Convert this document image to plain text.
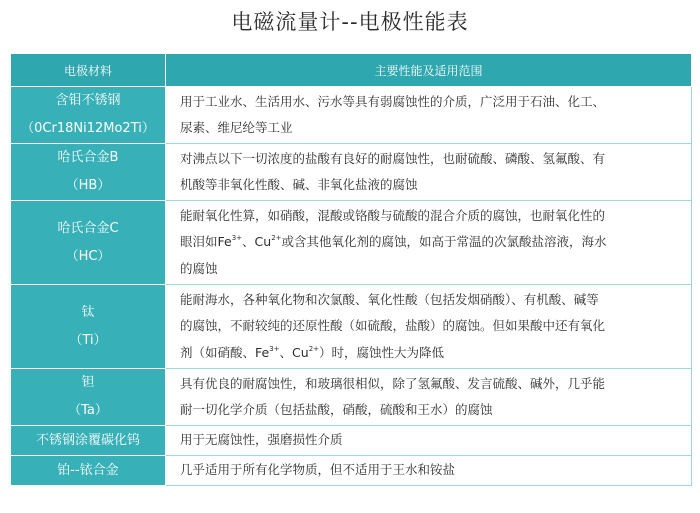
电磁流量计--电极性能表
电极材料	主要性能及适用范围

含钼不锈钢
（0Cr18Ni12Mo2Ti）	用于工业水、生活用水、污水等具有弱腐蚀性的介质，广泛用于石油、化工、
尿素、维尼纶等工业

哈氏合金B
（HB）	对沸点以下一切浓度的盐酸有良好的耐腐蚀性，也耐硫酸、磷酸、氢氟酸、有
机酸等非氧化性酸、碱、非氧化盐液的腐蚀

哈氏合金C
（HC）	能耐氧化性算，如硝酸，混酸或铬酸与硫酸的混合介质的腐蚀，也耐氧化性的
眼泪如$Fe^{3+}$、$Cu^{2+}$或含其他氧化剂的腐蚀，如高于常温的次氯酸盐溶液，海水
的腐蚀

钛
（Ti）	能耐海水，各种氧化物和次氯酸、氧化性酸（包括发烟硝酸）、有机酸、碱等
的腐蚀，不耐较纯的还原性酸（如硫酸，盐酸）的腐蚀。但如果酸中还有氧化
剂（如硝酸、$Fe^{3+}$、$Cu^{2+}$）时，腐蚀性大为降低

钽
（Ta）	具有优良的耐腐蚀性，和玻璃很相似，除了氢氟酸、发言硫酸、碱外，几乎能
耐一切化学介质（包括盐酸，硝酸，硫酸和王水）的腐蚀

不锈钢涂覆碳化钨	用于无腐蚀性，强磨损性介质

铂--铱合金	几乎适用于所有化学物质，但不适用于王水和铵盐
